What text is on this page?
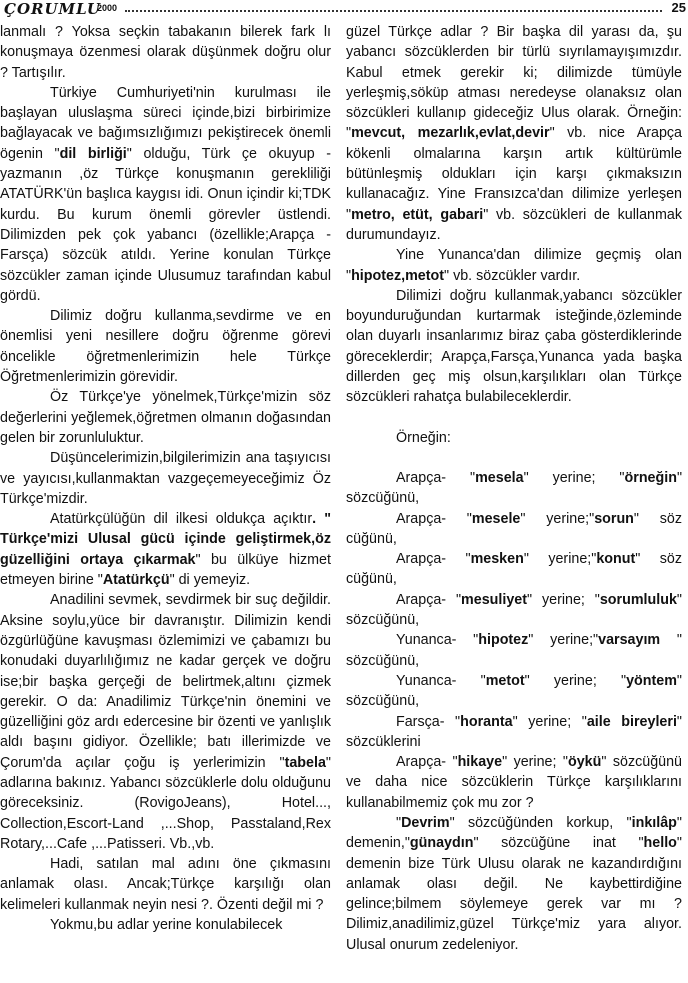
ÇORUMLU
2000	25

lanmalı ? Yoksa seçkin tabakanın bilerek fark lı konuşmaya özenmesi olarak düşünmek doğru olur ? Tartışılır.

Türkiye Cumhuriyeti'nin kurulması ile başlayan uluslaşma süreci içinde,bizi birbirimize bağlayacak ve bağımsızlığımızı pekiştirecek önemli ögenin "dil birliği" olduğu, Türk çe okuyup -yazmanın ,öz Türkçe konuşmanın gerekliliği ATATÜRK'ün başlıca kaygısı idi. Onun içindir ki;TDK kurdu. Bu kurum önemli görevler üstlendi. Dilimizden pek çok yabancı (özellikle;Arapça -Farsça) sözcük atıldı. Yerine konulan Türkçe sözcükler zaman içinde Ulusumuz tarafından kabul gördü.

Dilimiz doğru kullanma,sevdirme ve en önemlisi yeni nesillere doğru öğrenme görevi öncelikle öğretmenlerimizin hele Türkçe Öğretmenlerimizin görevidir.

Öz Türkçe'ye yönelmek,Türkçe'mizin söz değerlerini yeğlemek,öğretmen olmanın doğasından gelen bir zorunluluktur.

Düşüncelerimizin,bilgilerimizin ana taşıyıcısı ve yayıcısı,kullanmaktan vazgeçemeyeceğimiz Öz Türkçe'mizdir.

Atatürkçülüğün dil ilkesi oldukça açıktır. " Türkçe'mizi Ulusal gücü içinde geliştirmek,öz güzelliğini ortaya çıkarmak" bu ülküye hizmet etmeyen birine "Atatürkçü" di yemeyiz.

Anadilini sevmek, sevdirmek bir suç değildir. Aksine soylu,yüce bir davranıştır. Dilimizin kendi özgürlüğüne kavuşması özlemimizi ve çabamızı bu konudaki duyarlılığımız ne kadar gerçek ve doğru ise;bir başka gerçeği de belirtmek,altını çizmek gerekir. O da: Anadilimiz Türkçe'nin önemini ve güzelliğini göz ardı edercesine bir özenti ve yanlışlık aldı başını gidiyor. Özellikle; batı illerimizde ve Çorum'da açılar çoğu iş yerlerimizin "tabela" adlarına bakınız. Yabancı sözcüklerle dolu olduğunu göreceksiniz. (RovigoJeans), Hotel..., Collection,Escort-Land ,...Shop, Passtaland,Rex Rotary,...Cafe ,...Patisseri. Vb.,vb.

Hadi, satılan mal adını öne çıkmasını anlamak olası. Ancak;Türkçe karşılığı olan kelimeleri kullanmak neyin nesi ?. Özenti değil mi ?

Yokmu,bu adlar yerine konulabilecek

güzel Türkçe adlar ? Bir başka dil yarası da, şu yabancı sözcüklerden bir türlü sıyrılamayışımızdır. Kabul etmek gerekir ki; dilimizde tümüyle yerleşmiş,söküp atması neredeyse olanaksız olan sözcükleri kullanıp gideceğiz Ulus olarak. Örneğin: "mevcut, mezarlık,evlat,devir" vb. nice Arapça kökenli olmalarına karşın artık kültürümle bütünleşmiş oldukları için karşı çıkmaksızın kullanacağız. Yine Fransızca'dan dilimize yerleşen "metro, etüt, gabari" vb. sözcükleri de kullanmak durumundayız.

Yine Yunanca'dan dilimize geçmiş olan "hipotez,metot" vb. sözcükler vardır.

Dilimizi doğru kullanmak,yabancı sözcükler boyunduruğundan kurtarmak isteğinde,özleminde olan duyarlı insanlarımız biraz çaba gösterdiklerinde göreceklerdir; Arapça,Farsça,Yunanca yada başka dillerden geç miş olsun,karşılıkları olan Türkçe sözcükleri rahatça bulabileceklerdir.

Örneğin:

Arapça- "mesela" yerine; "örneğin" sözcüğünü,

Arapça- "mesele" yerine;"sorun" söz cüğünü,

Arapça- "mesken" yerine;"konut" söz cüğünü,

Arapça- "mesuliyet" yerine; "sorumluluk" sözcüğünü,

Yunanca- "hipotez" yerine;"varsayım " sözcüğünü,

Yunanca- "metot" yerine; "yöntem" sözcüğünü,

Farsça- "horanta" yerine; "aile bireyleri" sözcüklerini

Arapça- "hikaye" yerine; "öykü" sözcüğünü ve daha nice sözcüklerin Türkçe karşılıklarını kullanabilmemiz çok mu zor ?

"Devrim" sözcüğünden korkup, "inkılâp" demenin,"günaydın" sözcüğüne inat "hello" demenin bize Türk Ulusu olarak ne kazandırdığını anlamak olası değil. Ne kaybettirdiğine gelince;bilmem söylemeye gerek var mı ? Dilimiz,anadilimiz,güzel Türkçe'miz yara alıyor. Ulusal onurum zedeleniyor.
